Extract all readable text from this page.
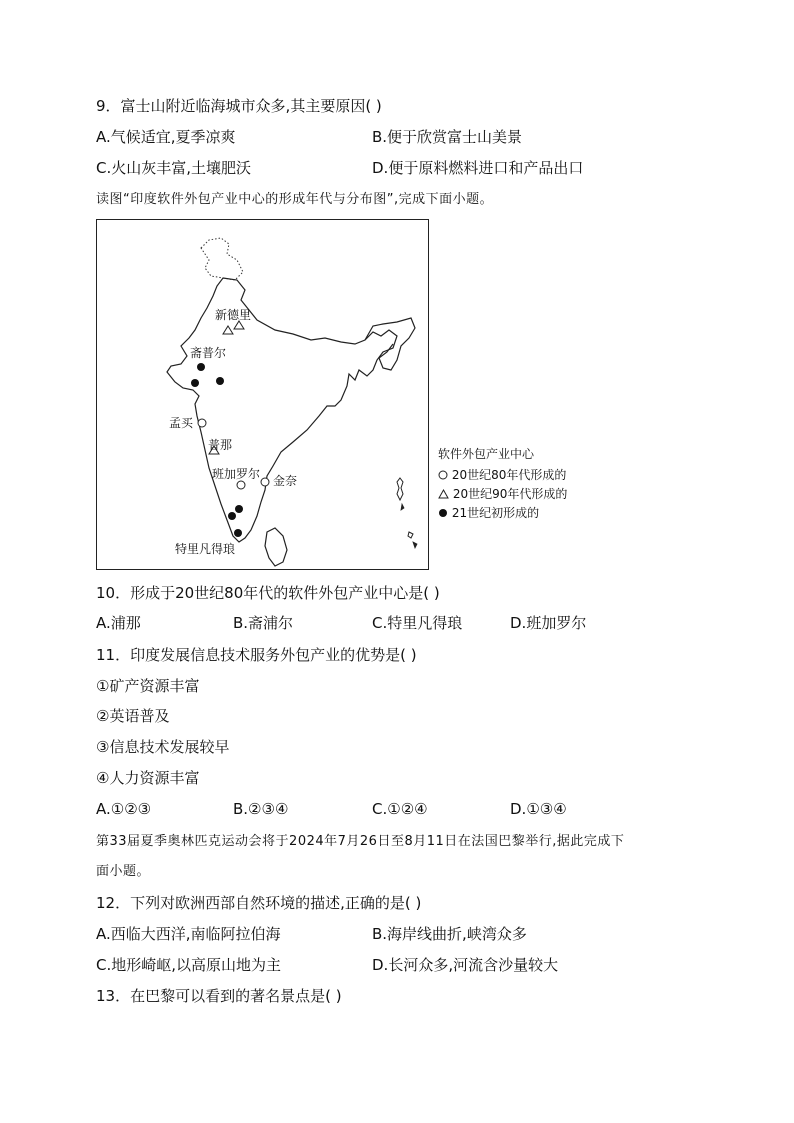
9．富士山附近临海城市众多,其主要原因( )
A.气候适宜,夏季凉爽	B.便于欣赏富士山美景
C.火山灰丰富,土壤肥沃	D.便于原料燃料进口和产品出口
读图“印度软件外包产业中心的形成年代与分布图”,完成下面小题。
新德里
斋普尔
孟买
普那
班加罗尔 金奈
特里凡得琅
软件外包产业中心
20世纪80年代形成的
20世纪90年代形成的
21世纪初形成的
10．形成于20世纪80年代的软件外包产业中心是( )
A.浦那	B.斋浦尔	C.特里凡得琅	D.班加罗尔
11．印度发展信息技术服务外包产业的优势是( )
①矿产资源丰富
②英语普及
③信息技术发展较早
④人力资源丰富
A.①②③	B.②③④	C.①②④	D.①③④
第33届夏季奥林匹克运动会将于2024年7月26日至8月11日在法国巴黎举行,据此完成下
面小题。
12．下列对欧洲西部自然环境的描述,正确的是( )
A.西临大西洋,南临阿拉伯海	B.海岸线曲折,峡湾众多
C.地形崎岖,以高原山地为主	D.长河众多,河流含沙量较大
13．在巴黎可以看到的著名景点是( )
